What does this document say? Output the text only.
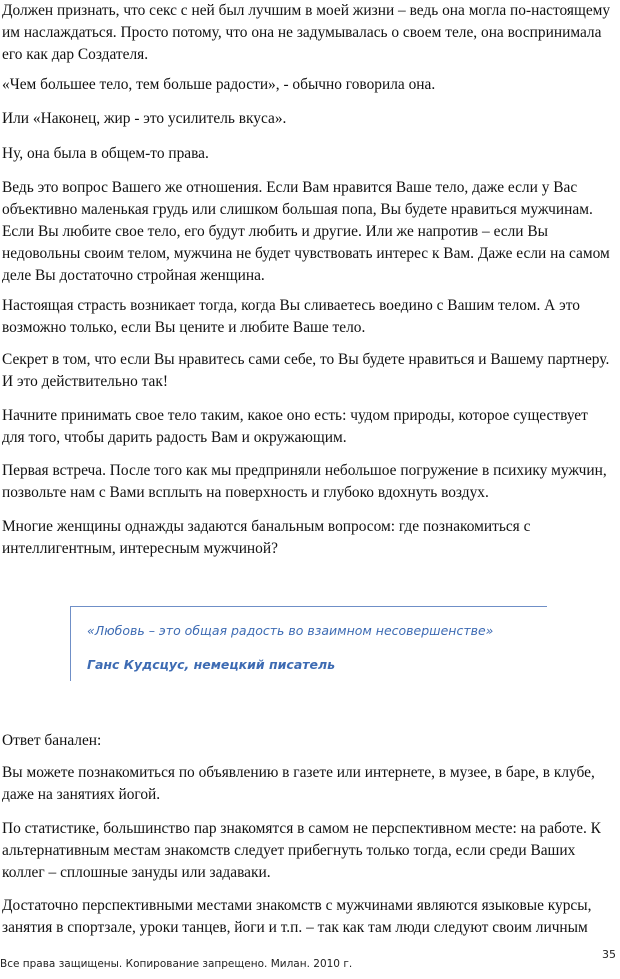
Должен признать, что секс с ней был лучшим в моей жизни – ведь она могла по-настоящему им наслаждаться. Просто потому, что она не задумывалась о своем теле, она воспринимала его как дар Создателя.

«Чем большее тело, тем больше радости», - обычно говорила она.

Или «Наконец, жир - это усилитель вкуса».

Ну, она была в общем-то права.

Ведь это вопрос Вашего же отношения. Если Вам нравится Ваше тело, даже если у Вас объективно маленькая грудь или слишком большая попа, Вы будете нравиться мужчинам. Если Вы любите свое тело, его будут любить и другие. Или же напротив – если Вы недовольны своим телом, мужчина не будет чувствовать интерес к Вам. Даже если на самом деле Вы достаточно стройная женщина.

Настоящая страсть возникает тогда, когда Вы сливаетесь воедино с Вашим телом. А это возможно только, если Вы цените и любите Ваше тело.

Секрет в том, что если Вы нравитесь сами себе, то Вы будете нравиться и Вашему партнеру. И это действительно так!

Начните принимать свое тело таким, какое оно есть: чудом природы, которое существует для того, чтобы дарить радость Вам и окружающим.

Первая встреча. После того как мы предприняли небольшое погружение в психику мужчин, позвольте нам с Вами всплыть на поверхность и глубоко вдохнуть воздух.

Многие женщины однажды задаются банальным вопросом: где познакомиться с интеллигентным, интересным мужчиной?

«Любовь – это общая радость во взаимном несовершенстве»
Ганс Кудсцус, немецкий писатель

Ответ банален:

Вы можете познакомиться по объявлению в газете или интернете, в музее, в баре, в клубе, даже на занятиях йогой.

По статистике, большинство пар знакомятся в самом не перспективном месте: на работе. К альтернативным местам знакомств следует прибегнуть только тогда, если среди Ваших коллег – сплошные зануды или задаваки.

Достаточно перспективными местами знакомств с мужчинами являются языковые курсы, занятия в спортзале, уроки танцев, йоги и т.п. – так как там люди следуют своим личным

Все права защищены. Копирование запрещено. Милан. 2010 г.
35
